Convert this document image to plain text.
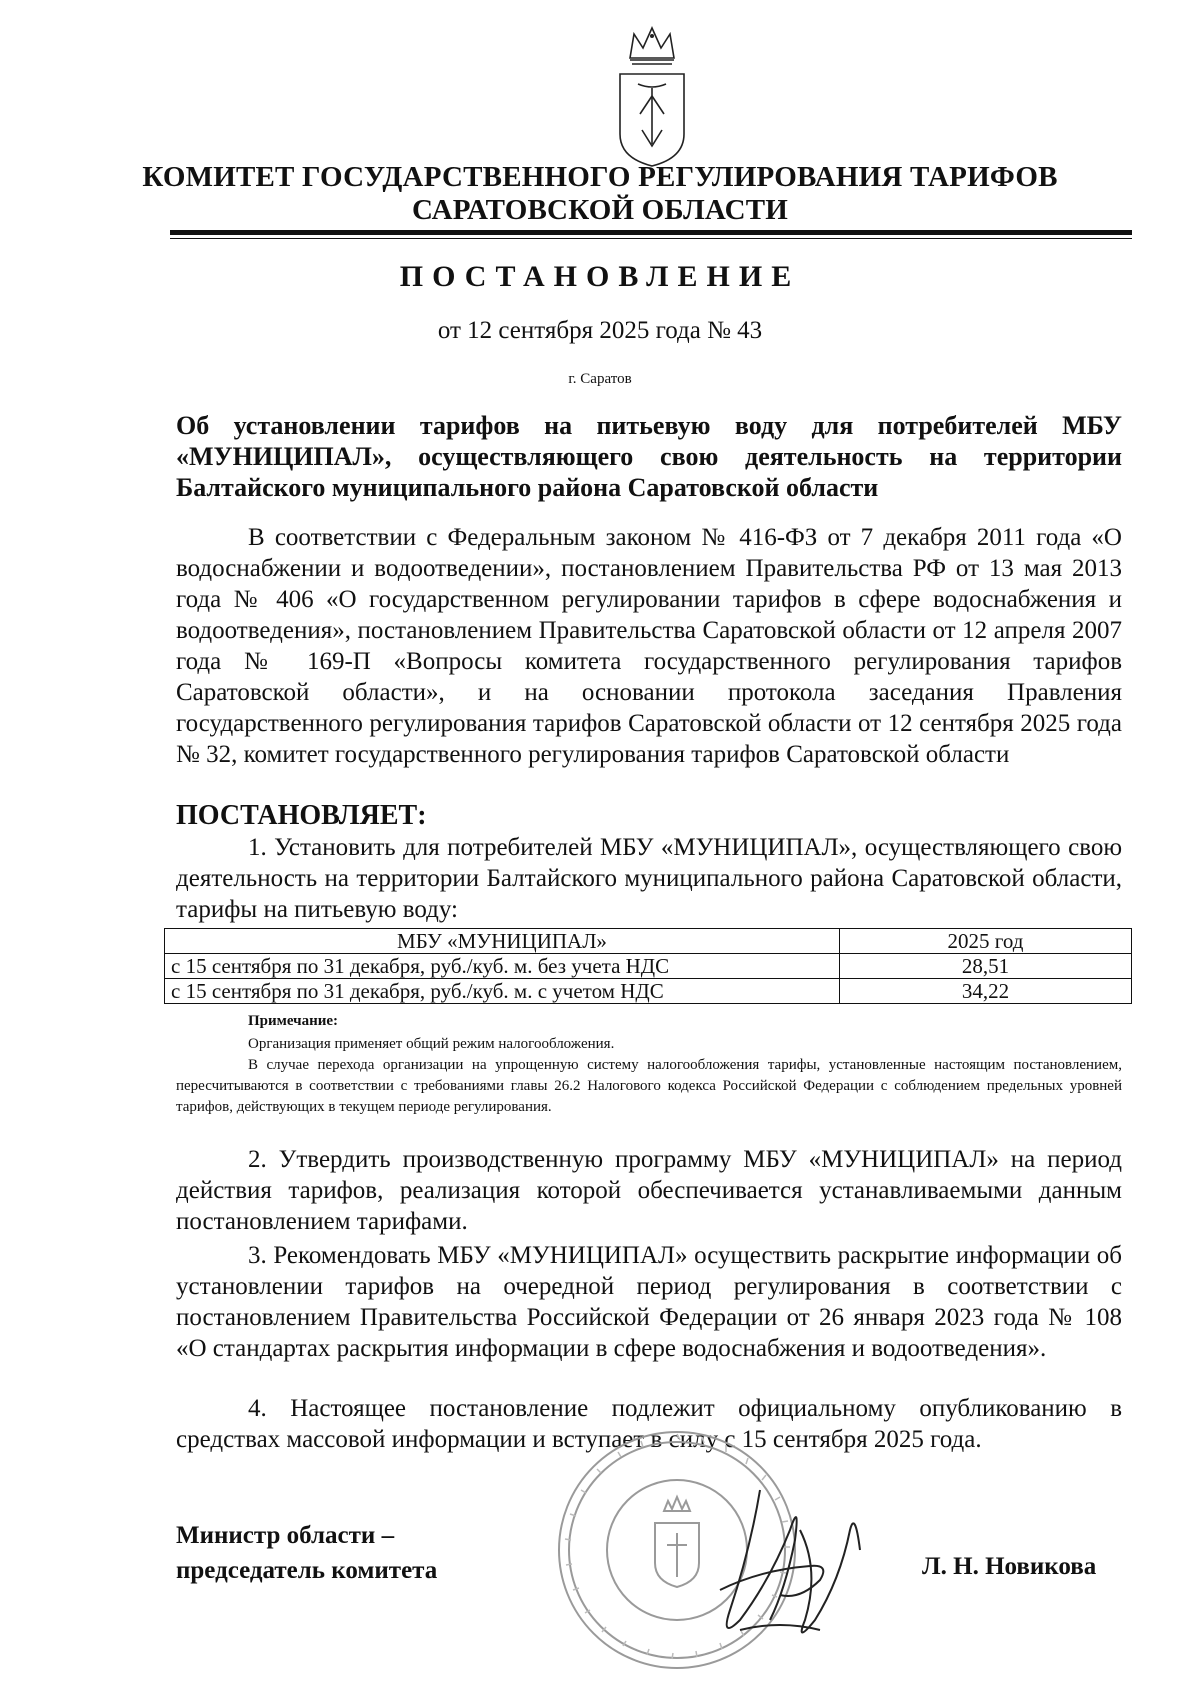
КОМИТЕТ ГОСУДАРСТВЕННОГО РЕГУЛИРОВАНИЯ ТАРИФОВ
САРАТОВСКОЙ ОБЛАСТИ
ПОСТАНОВЛЕНИЕ
от 12 сентября 2025 года № 43
г. Саратов
Об установлении тарифов на питьевую воду для потребителей МБУ «МУНИЦИПАЛ», осуществляющего свою деятельность на территории Балтайского муниципального района Саратовской области
В соответствии с Федеральным законом № 416-ФЗ от 7 декабря 2011 года «О водоснабжении и водоотведении», постановлением Правительства РФ от 13 мая 2013 года № 406 «О государственном регулировании тарифов в сфере водоснабжения и водоотведения», постановлением Правительства Саратовской области от 12 апреля 2007 года № 169-П «Вопросы комитета государственного регулирования тарифов Саратовской области», и на основании протокола заседания Правления государственного регулирования тарифов Саратовской области от 12 сентября 2025 года № 32, комитет государственного регулирования тарифов Саратовской области
ПОСТАНОВЛЯЕТ:
1. Установить для потребителей МБУ «МУНИЦИПАЛ», осуществляющего свою деятельность на территории Балтайского муниципального района Саратовской области, тарифы на питьевую воду:
МБУ «МУНИЦИПАЛ»	2025 год
с 15 сентября по 31 декабря, руб./куб. м. без учета НДС	28,51
с 15 сентября по 31 декабря, руб./куб. м. с учетом НДС	34,22
Примечание:
Организация применяет общий режим налогообложения.
В случае перехода организации на упрощенную систему налогообложения тарифы, установленные настоящим постановлением, пересчитываются в соответствии с требованиями главы 26.2 Налогового кодекса Российской Федерации с соблюдением предельных уровней тарифов, действующих в текущем периоде регулирования.
2. Утвердить производственную программу МБУ «МУНИЦИПАЛ» на период действия тарифов, реализация которой обеспечивается устанавливаемыми данным постановлением тарифами.
3. Рекомендовать МБУ «МУНИЦИПАЛ» осуществить раскрытие информации об установлении тарифов на очередной период регулирования в соответствии с постановлением Правительства Российской Федерации от 26 января 2023 года № 108 «О стандартах раскрытия информации в сфере водоснабжения и водоотведения».
4. Настоящее постановление подлежит официальному опубликованию в средствах массовой информации и вступает в силу с 15 сентября 2025 года.
Министр области –
председатель комитета	Л. Н. Новикова
